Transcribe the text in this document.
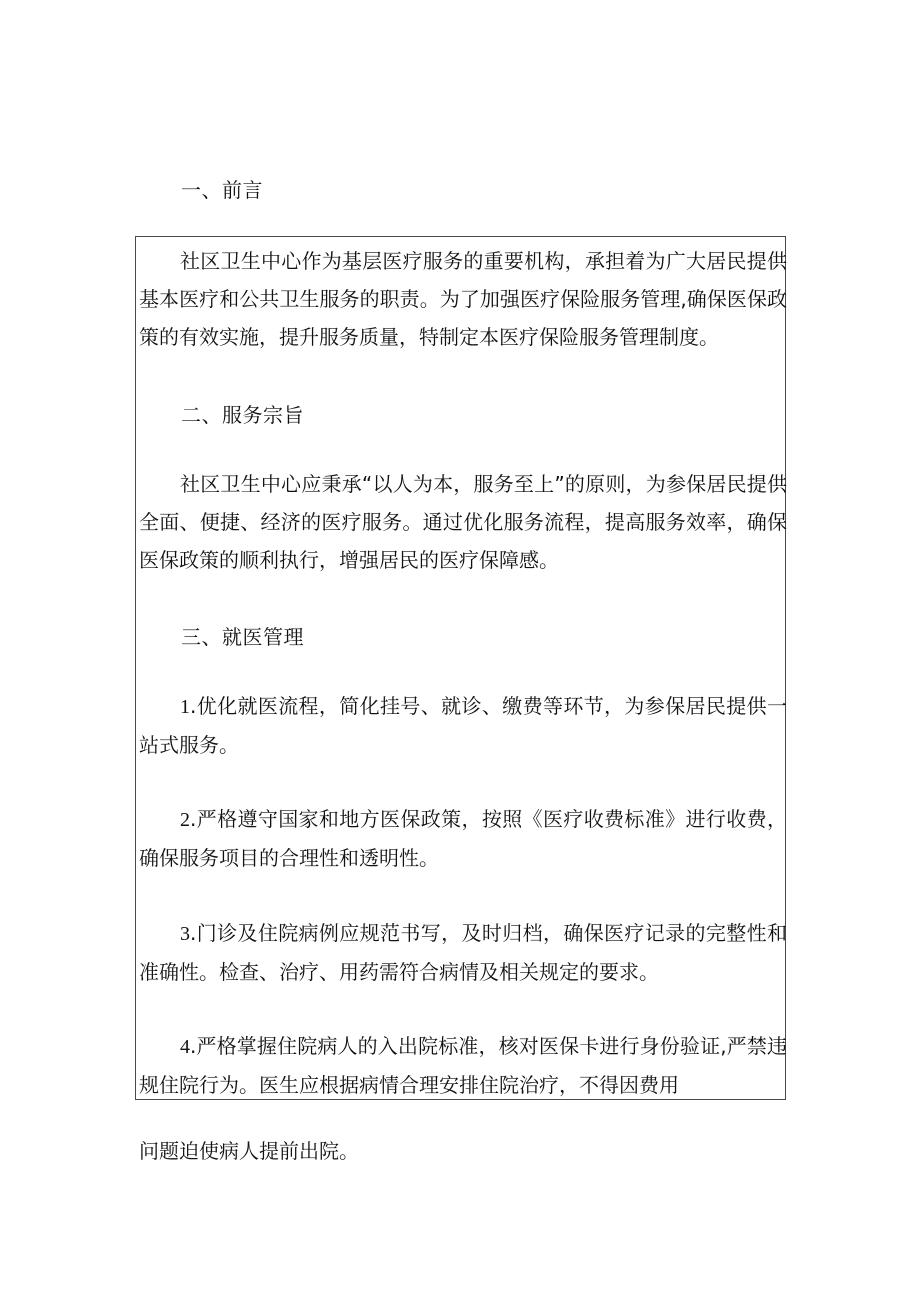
一、前言

社区卫生中心作为基层医疗服务的重要机构，承担着为广大居民提供基本医疗和公共卫生服务的职责。为了加强医疗保险服务管理,确保医保政策的有效实施，提升服务质量，特制定本医疗保险服务管理制度。

二、服务宗旨

社区卫生中心应秉承“以人为本，服务至上”的原则，为参保居民提供全面、便捷、经济的医疗服务。通过优化服务流程，提高服务效率，确保医保政策的顺利执行，增强居民的医疗保障感。

三、就医管理

1.优化就医流程，简化挂号、就诊、缴费等环节，为参保居民提供一站式服务。

2.严格遵守国家和地方医保政策，按照《医疗收费标准》进行收费，确保服务项目的合理性和透明性。

3.门诊及住院病例应规范书写，及时归档，确保医疗记录的完整性和准确性。检查、治疗、用药需符合病情及相关规定的要求。

4.严格掌握住院病人的入出院标准，核对医保卡进行身份验证,严禁违规住院行为。医生应根据病情合理安排住院治疗，不得因费用

问题迫使病人提前出院。
